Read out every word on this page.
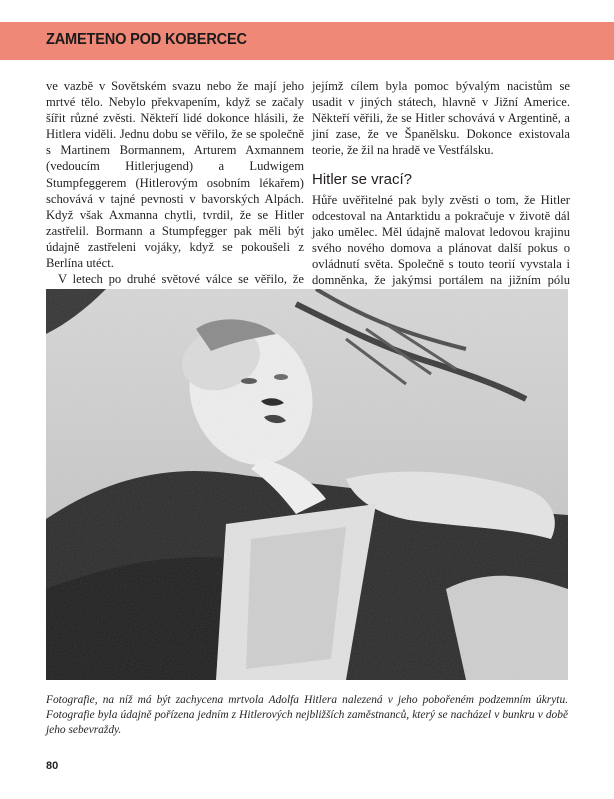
ZAMETENO POD KOBERCEC

ve vazbě v Sovětském svazu nebo že mají jeho mrtvé tělo. Nebylo překvapením, když se začaly šířit různé zvěsti. Někteří lidé dokonce hlásili, že Hitlera viděli. Jednu dobu se věřilo, že se společně s Martinem Bormannem, Arturem Axmannem (vedoucím Hitlerjugend) a Ludwigem Stumpfeggerem (Hitlerovým osobním lékařem) schovává v tajné pevnosti v bavorských Alpách. Když však Axmanna chytli, tvrdil, že se Hitler zastřelil. Bormann a Stumpfegger pak měli být údajně zastřeleni vojáky, když se pokoušeli z Berlína utéct.

V letech po druhé světové válce se věřilo, že

jejímž cílem byla pomoc bývalým nacistům se usadit v jiných státech, hlavně v Jižní Americe. Někteří věřili, že se Hitler schovává v Argentině, a jiní zase, že ve Španělsku. Dokonce existovala teorie, že žil na hradě ve Vestfálsku.

Hitler se vrací?

Hůře uvěřitelné pak byly zvěsti o tom, že Hitler odcestoval na Antarktidu a pokračuje v životě dál jako umělec. Měl údajně malovat ledovou krajinu svého nového domova a plánovat další pokus o ovládnutí světa. Společně s touto teorií vyvstala i domněnka, že jakýmsi portálem na jižním pólu

Fotografie, na níž má být zachycena mrtvola Adolfa Hitlera nalezená v jeho pobořeném podzemním úkrytu. Fotografie byla údajně pořízena jedním z Hitlerových nejbližších zaměstnanců, který se nacházel v bunkru v době jeho sebevraždy.

80
